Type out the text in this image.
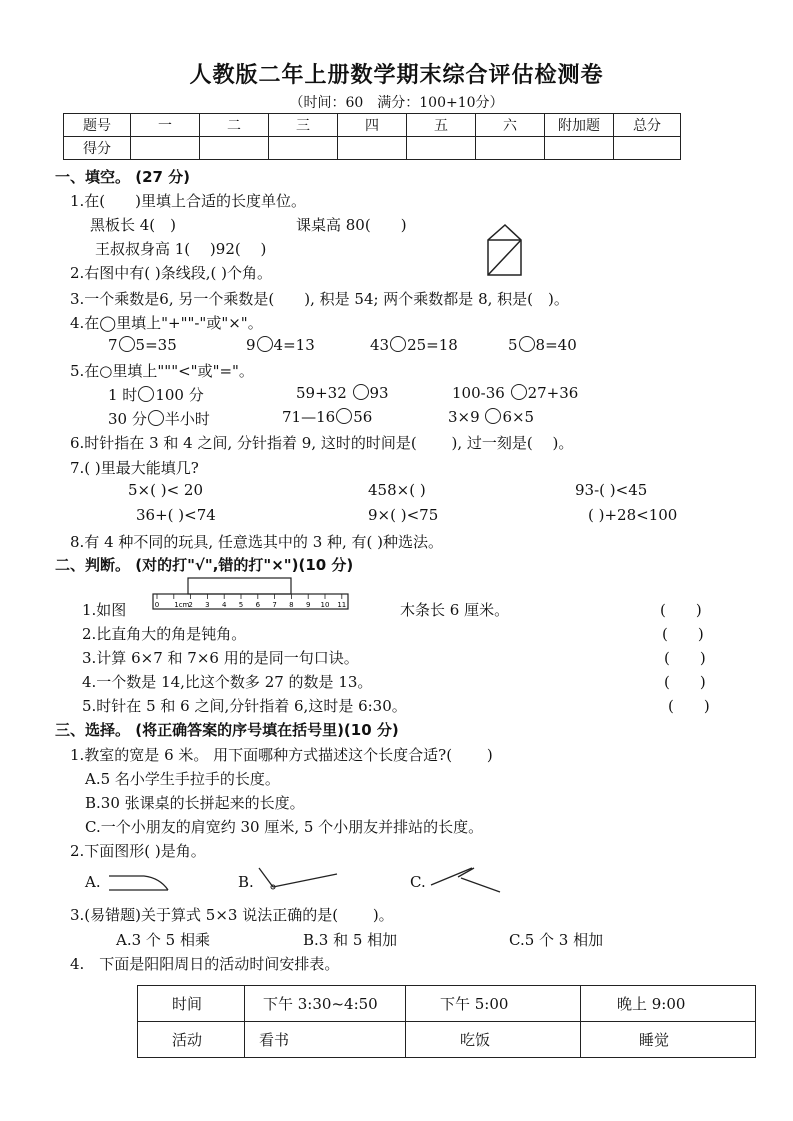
人教版二年上册数学期末综合评估检测卷
（时间：60　满分：100+10分）
题号	一	二	三	四	五	六	附加题	总分
得分								
一、填空。 (27 分)
1.在(　　)里填上合适的长度单位。
黑板长 4(　)	课桌高 80(　　)
王叔叔身高 1(　 )92(　 )
2.右图中有( )条线段,( )个角。
3.一个乘数是6, 另一个乘数是(　　), 积是 54; 两个乘数都是 8, 积是(　)。
4.在◯里填上"+""-"或"×"。
7 5=35	9 4=13	43 25=18	5 8=40
5.在○里填上"""<"或"="。
1 时 100 分	59+32 93	100-36 27+36
30 分 半小时	71—16 56	3×9 6×5
6.时针指在 3 和 4 之间, 分针指着 9, 这时的时间是(　　 ), 过一刻是(　 )。
7.( )里最大能填几?
5×( )< 20	458×( )	93-( )<45
36+( )<74	9×( )<75	( )+28<100
8.有 4 种不同的玩具, 任意选其中的 3 种, 有( )种选法。
二、判断。 (对的打"√",错的打"×")(10 分)
1.如图	0 1cm 2 3 4 5 6 7 8 9 10 11	木条长 6 厘米。	(　　)
2.比直角大的角是钝角。	(　　)
3.计算 6×7 和 7×6 用的是同一句口诀。	(　　)
4.一个数是 14,比这个数多 27 的数是 13。	(　　)
5.时针在 5 和 6 之间,分针指着 6,这时是 6:30。	(　　)
三、选择。 (将正确答案的序号填在括号里)(10 分)
1.教室的宽是 6 米。 用下面哪种方式描述这个长度合适?(　　 )
A.5 名小学生手拉手的长度。
B.30 张课桌的长拼起来的长度。
C.一个小朋友的肩宽约 30 厘米, 5 个小朋友并排站的长度。
2.下面图形( )是角。
A.	B.	C.
3.(易错题)关于算式 5×3 说法正确的是(　　 )。
A.3 个 5 相乘	B.3 和 5 相加	C.5 个 3 相加
4.　下面是阳阳周日的活动时间安排表。
时间	下午 3:30~4:50	下午 5:00	晚上 9:00
活动	看书	吃饭	睡觉
